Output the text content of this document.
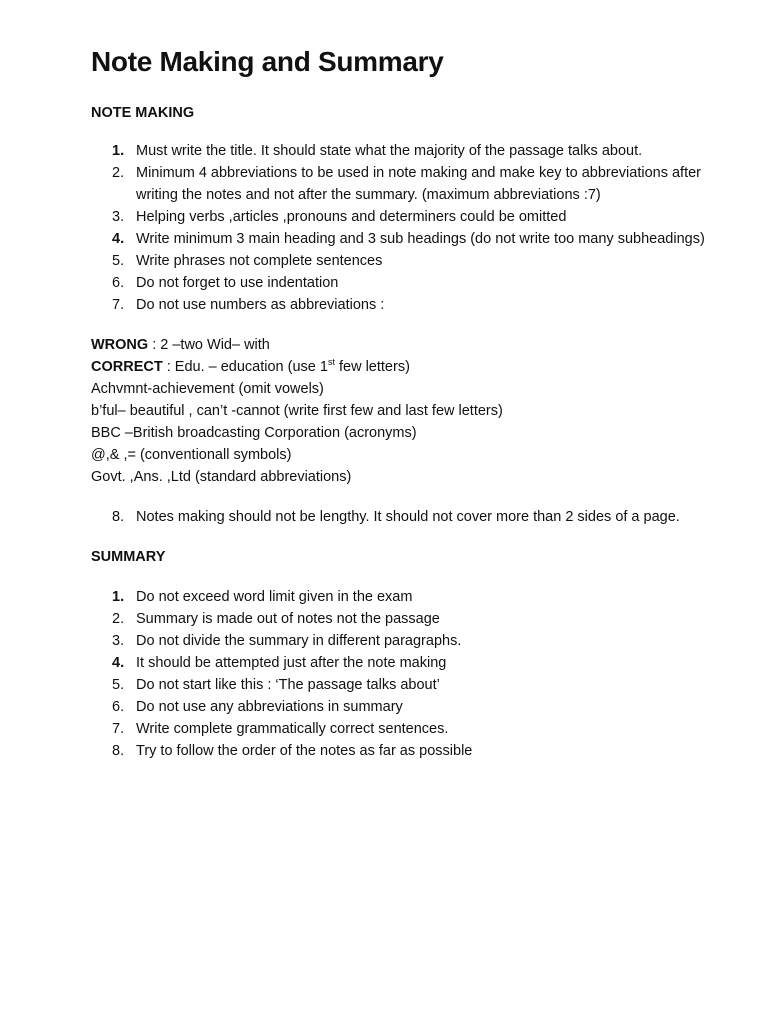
Note Making and Summary
NOTE MAKING
1. Must write the title. It should state what the majority of the passage talks about.
2. Minimum 4 abbreviations to be used in note making and make key to abbreviations after writing the notes and not after the summary. (maximum abbreviations :7)
3. Helping verbs ,articles ,pronouns and determiners could be omitted
4. Write minimum 3 main heading and 3 sub headings (do not write too many subheadings)
5. Write phrases not complete sentences
6. Do not forget to use indentation
7. Do not use numbers as abbreviations :
WRONG : 2 –two Wid– with
CORRECT : Edu. – education (use 1st few letters)
Achvmnt-achievement (omit vowels)
b’ful– beautiful , can’t -cannot (write first few and last few letters)
BBC –British broadcasting Corporation (acronyms)
@,& ,= (conventionall symbols)
Govt. ,Ans. ,Ltd (standard abbreviations)
8. Notes making should not be lengthy. It should not cover more than 2 sides of a page.
SUMMARY
1. Do not exceed word limit given in the exam
2. Summary is made out of notes not the passage
3. Do not divide the summary in different paragraphs.
4. It should be attempted just after the note making
5. Do not start like this : ‘The passage talks about’
6. Do not use any abbreviations in summary
7. Write complete grammatically correct sentences.
8. Try to follow the order of the notes as far as possible
